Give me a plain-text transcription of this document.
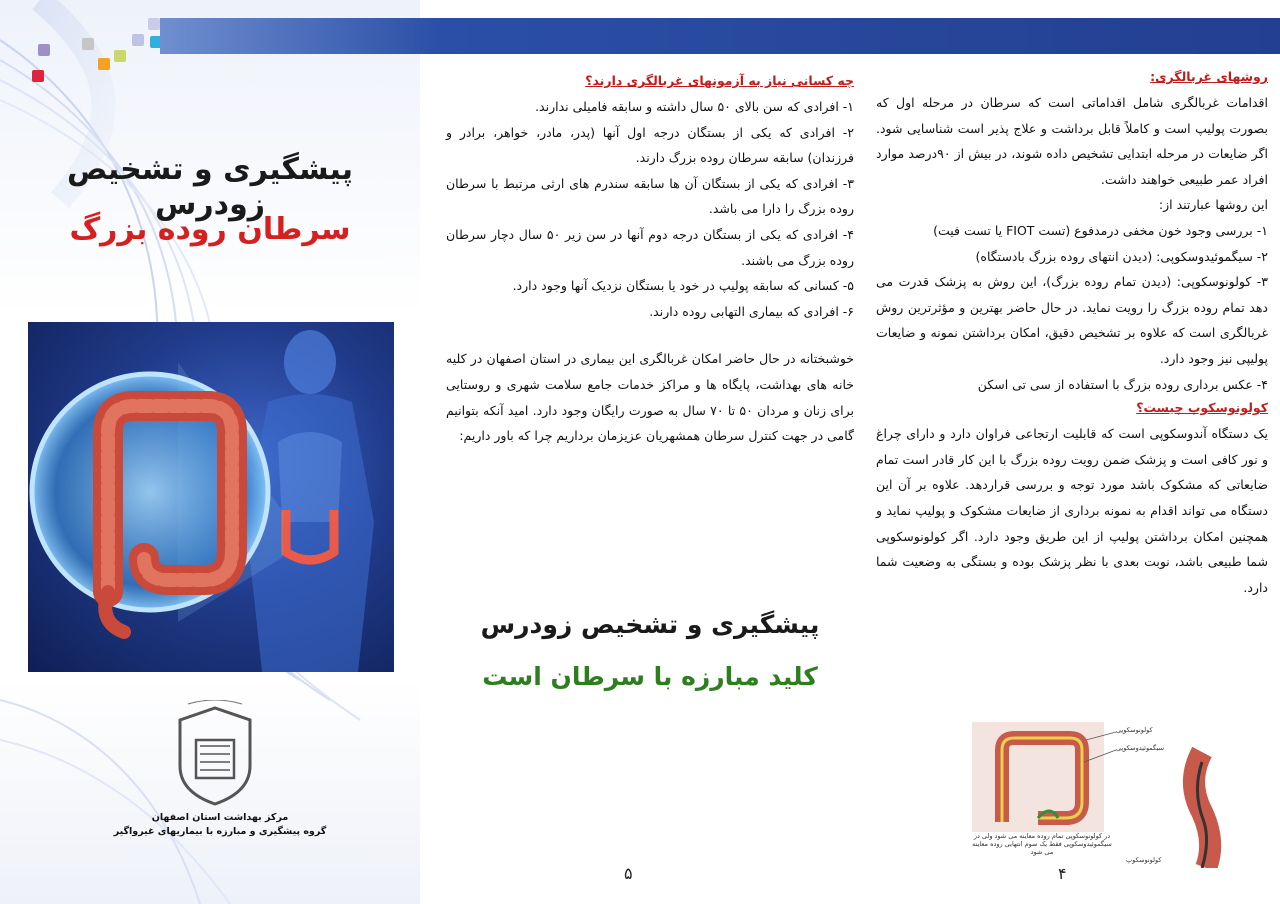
پیشگیری و تشخیص زودرس
سرطان روده بزرگ
مرکز بهداشت استان اصفهان
گروه پیشگیری و مبارزه با بیماریهای غیرواگیر
چه کسانی نیاز به آزمونهای غربالگری دارند؟

۱- افرادی که سن بالای ۵۰ سال داشته و سابقه فامیلی ندارند.

۲- افرادی که یکی از بستگان درجه اول آنها (پدر، مادر، خواهر، برادر و فرزندان) سابقه سرطان روده بزرگ دارند.

۳- افرادی که یکی از بستگان آن ها سابقه سندرم های ارثی مرتبط با سرطان روده بزرگ را دارا می باشد.

۴- افرادی که یکی از بستگان درجه دوم آنها در سن زیر ۵۰ سال دچار سرطان روده بزرگ می باشند.

۵- کسانی که سابقه پولیپ در خود یا بستگان نزدیک آنها وجود دارد.

۶- افرادی که بیماری التهابی روده دارند.

خوشبختانه در حال حاضر امکان غربالگری این بیماری در استان اصفهان در کلیه خانه های بهداشت، پایگاه ها و مراکز خدمات جامع سلامت شهری و روستایی برای زنان و مردان ۵۰ تا ۷۰ سال به صورت رایگان وجود دارد. امید آنکه بتوانیم گامی در جهت کنترل سرطان همشهریان عزیزمان برداریم چرا که باور داریم:

پیشگیری و تشخیص زودرس
کلید مبارزه با سرطان است
روشهای غربالگری:

اقدامات غربالگری شامل اقداماتی است که سرطان در مرحله اول که بصورت پولیپ است و کاملاً قابل برداشت و علاج پذیر است شناسایی شود. اگر ضایعات در مرحله ابتدایی تشخیص داده شوند، در بیش از ۹۰درصد موارد افراد عمر طبیعی خواهند داشت.

این روشها عبارتند از:

۱- بررسی وجود خون مخفی درمدفوع (تست FIOT یا تست فیت)

۲- سیگموئیدوسکوپی: (دیدن انتهای روده بزرگ بادستگاه)

۳- کولونوسکوپی: (دیدن تمام روده بزرگ)، این روش به پزشک قدرت می دهد تمام روده بزرگ را رویت نماید. در حال حاضر بهترین و مؤثرترین روش غربالگری است که علاوه بر تشخیص دقیق، امکان برداشتن نمونه و ضایعات پولیپی نیز وجود دارد.

۴- عکس برداری روده بزرگ با استفاده از سی تی اسکن

کولونوسکوپ چیست؟

یک دستگاه آندوسکوپی است که قابلیت ارتجاعی فراوان دارد و دارای چراغ و نور کافی است و پزشک ضمن رویت روده بزرگ با این کار قادر است تمام ضایعاتی که مشکوک باشد مورد توجه و بررسی قراردهد. علاوه بر آن این دستگاه می تواند اقدام به نمونه برداری از ضایعات مشکوک و پولیپ نماید و همچنین امکان برداشتن پولیپ از این طریق وجود دارد. اگر کولونوسکوپی شما طبیعی باشد، نوبت بعدی با نظر پزشک بوده و بستگی به وضعیت شما دارد.

کولونوسکوپی
سیگموئیدوسکوپی
کولونوسکوپ
در کولونوسکوپی تمام روده معاینه می شود ولی در سیگموئیدوسکوپی فقط یک سوم انتهایی روده معاینه می شود
۵	۴
